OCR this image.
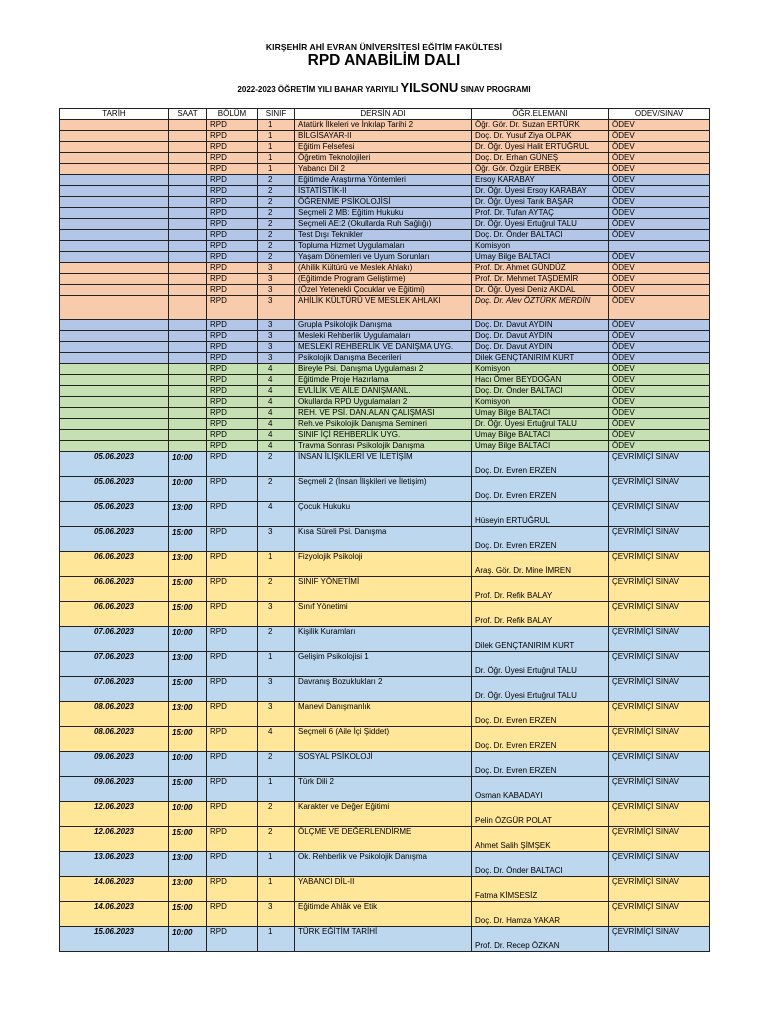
KIRŞEHİR AHİ EVRAN ÜNİVERSİTESİ EĞİTİM FAKÜLTESİ
RPD ANABİLİM DALI
2022-2023 ÖĞRETİM YILI BAHAR YARIYILI YILSONU SINAV PROGRAMI
TARİH	SAAT	BÖLÜM	SINIF	DERSİN ADI	ÖĞR.ELEMANI	ODEV/SINAV
		RPD	1	Atatürk İlkeleri ve İnkılap Tarihi 2	Öğr. Gör. Dr. Suzan ERTÜRK	ÖDEV
		RPD	1	BİLGİSAYAR-II	Doç. Dr. Yusuf Ziya OLPAK	ÖDEV
		RPD	1	Eğitim Felsefesi	Dr. Öğr. Üyesi Halit ERTUĞRUL	ÖDEV
		RPD	1	Öğretim Teknolojileri	Doç. Dr. Erhan GÜNEŞ	ÖDEV
		RPD	1	Yabancı Dil 2	Öğr. Gör. Özgür ERBEK	ÖDEV
		RPD	2	Eğitimde Araştırma Yöntemleri	Ersoy KARABAY	ÖDEV
		RPD	2	İSTATİSTİK-II	Dr. Öğr. Üyesi Ersoy KARABAY	ÖDEV
		RPD	2	ÖĞRENME PSİKOLOJİSİ	Dr. Öğr. Üyesi Tarık BAŞAR	ÖDEV
		RPD	2	Seçmeli 2 MB: Eğitim Hukuku	Prof. Dr. Tufan AYTAÇ	ÖDEV
		RPD	2	Seçmeli AE:2 (Okullarda Ruh Sağlığı)	Dr. Öğr. Üyesi Ertuğrul TALU	ÖDEV
		RPD	2	Test Dışı Teknikler	Doç. Dr. Önder BALTACI	ÖDEV
		RPD	2	Topluma Hizmet Uygulamaları	Komisyon	
		RPD	2	Yaşam Dönemleri ve Uyum Sorunları	Umay Bilge BALTACI	ÖDEV
		RPD	3	(Ahilik Kültürü ve Meslek Ahlakı)	Prof. Dr. Ahmet GÜNDÜZ	ÖDEV
		RPD	3	(Eğitimde Program Geliştirme)	Prof. Dr. Mehmet TAŞDEMİR	ÖDEV
		RPD	3	(Özel Yetenekli Çocuklar ve Eğitimi)	Dr. Öğr. Üyesi Deniz AKDAL	ÖDEV
		RPD	3	AHİLİK KÜLTÜRÜ VE MESLEK AHLAKI	Doç. Dr. Alev ÖZTÜRK MERDİN	ÖDEV
		RPD	3	Grupla Psikolojik Danışma	Doç. Dr. Davut AYDIN	ÖDEV
		RPD	3	Mesleki Rehberlik Uygulamaları	Doç. Dr. Davut AYDIN	ÖDEV
		RPD	3	MESLEKİ REHBERLİK VE DANIŞMA UYG.	Doç. Dr. Davut AYDIN	ÖDEV
		RPD	3	Psikolojik Danışma Becerileri	Dilek GENÇTANIRIM KURT	ÖDEV
		RPD	4	Bireyle Psi. Danışma Uygulaması 2	Komisyon	ÖDEV
		RPD	4	Eğitimde Proje Hazırlama	Hacı Ömer BEYDOĞAN	ÖDEV
		RPD	4	EVLİLİK VE AİLE DANIŞMANL.	Doç. Dr. Önder BALTACI	ÖDEV
		RPD	4	Okullarda RPD Uygulamaları 2	Komisyon	ÖDEV
		RPD	4	REH. VE PSİ. DAN.ALAN ÇALIŞMASI	Umay Bilge BALTACI	ÖDEV
		RPD	4	Reh.ve Psikolojik Danışma Semineri	Dr. Öğr. Üyesi Ertuğrul TALU	ÖDEV
		RPD	4	SINIF İÇİ REHBERLİK UYG.	Umay Bilge BALTACI	ÖDEV
		RPD	4	Travma Sonrası Psikolojik Danışma	Umay Bilge BALTACI	ÖDEV
05.06.2023	10:00	RPD	2	İNSAN İLİŞKİLERİ VE İLETİŞİM	Doç. Dr. Evren ERZEN	ÇEVRİMİÇİ SINAV
05.06.2023	10:00	RPD	2	Seçmeli 2 (İnsan İlişkileri ve İletişim)	Doç. Dr. Evren ERZEN	ÇEVRİMİÇİ SINAV
05.06.2023	13:00	RPD	4	Çocuk Hukuku	Hüseyin ERTUĞRUL	ÇEVRİMİÇİ SINAV
05.06.2023	15:00	RPD	3	Kısa Süreli Psi. Danışma	Doç. Dr. Evren ERZEN	ÇEVRİMİÇİ SINAV
06.06.2023	13:00	RPD	1	Fizyolojik Psikoloji	Araş. Gör. Dr. Mine İMREN	ÇEVRİMİÇİ SINAV
06.06.2023	15:00	RPD	2	SINIF YÖNETİMİ	Prof. Dr. Refik BALAY	ÇEVRİMİÇİ SINAV
06.06.2023	15:00	RPD	3	Sınıf Yönetimi	Prof. Dr. Refik BALAY	ÇEVRİMİÇİ SINAV
07.06.2023	10:00	RPD	2	Kişilik Kuramları	Dilek GENÇTANIRIM KURT	ÇEVRİMİÇİ SINAV
07.06.2023	13:00	RPD	1	Gelişim Psikolojisi 1	Dr. Öğr. Üyesi Ertuğrul TALU	ÇEVRİMİÇİ SINAV
07.06.2023	15:00	RPD	3	Davranış Bozuklukları 2	Dr. Öğr. Üyesi Ertuğrul TALU	ÇEVRİMİÇİ SINAV
08.06.2023	13:00	RPD	3	Manevi Danışmanlık	Doç. Dr. Evren ERZEN	ÇEVRİMİÇİ SINAV
08.06.2023	15:00	RPD	4	Seçmeli 6 (Aile İçi Şiddet)	Doç. Dr. Evren ERZEN	ÇEVRİMİÇİ SINAV
09.06.2023	10:00	RPD	2	SOSYAL PSİKOLOJİ	Doç. Dr. Evren ERZEN	ÇEVRİMİÇİ SINAV
09.06.2023	15:00	RPD	1	Türk Dili 2	Osman KABADAYI	ÇEVRİMİÇİ SINAV
12.06.2023	10:00	RPD	2	Karakter ve Değer Eğitimi	Pelin ÖZGÜR POLAT	ÇEVRİMİÇİ SINAV
12.06.2023	15:00	RPD	2	ÖLÇME VE DEĞERLENDİRME	Ahmet Salih ŞİMŞEK	ÇEVRİMİÇİ SINAV
13.06.2023	13:00	RPD	1	Ok. Rehberlik ve Psikolojik Danışma	Doç. Dr. Önder BALTACI	ÇEVRİMİÇİ SINAV
14.06.2023	13:00	RPD	1	YABANCI DİL-II	Fatma KİMSESİZ	ÇEVRİMİÇİ SINAV
14.06.2023	15:00	RPD	3	Eğitimde Ahlâk ve Etik	Doç. Dr. Hamza YAKAR	ÇEVRİMİÇİ SINAV
15.06.2023	10:00	RPD	1	TÜRK EĞİTİM TARİHİ	Prof. Dr. Recep ÖZKAN	ÇEVRİMİÇİ SINAV
